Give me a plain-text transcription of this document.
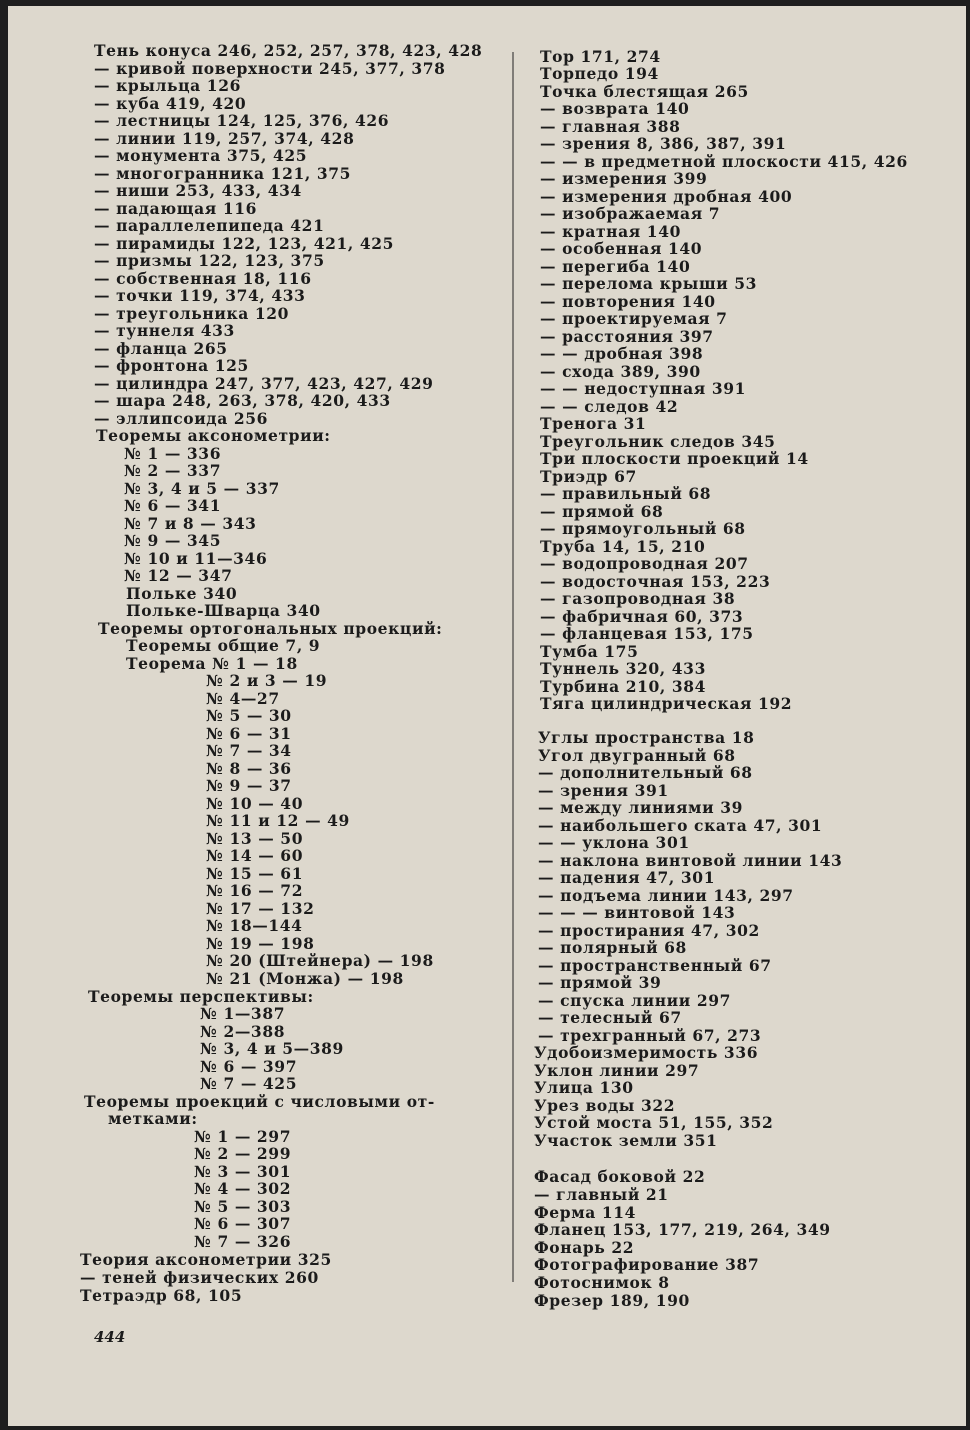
Тень конуса 246, 252, 257, 378, 423, 428
— кривой поверхности 245, 377, 378
— крыльца 126
— куба 419, 420
— лестницы 124, 125, 376, 426
— линии 119, 257, 374, 428
— монумента 375, 425
— многогранника 121, 375
— ниши 253, 433, 434
— падающая 116
— параллелепипеда 421
— пирамиды 122, 123, 421, 425
— призмы 122, 123, 375
— собственная 18, 116
— точки 119, 374, 433
— треугольника 120
— туннеля 433
— фланца 265
— фронтона 125
— цилиндра 247, 377, 423, 427, 429
— шара 248, 263, 378, 420, 433
— эллипсоида 256
Теоремы аксонометрии:
№ 1 — 336
№ 2 — 337
№ 3, 4 и 5 — 337
№ 6 — 341
№ 7 и 8 — 343
№ 9 — 345
№ 10 и 11—346
№ 12 — 347
Польке 340
Польке-Шварца 340
Теоремы ортогональных проекций:
Теоремы общие 7, 9
Теорема № 1 — 18
№ 2 и 3 — 19
№ 4—27
№ 5 — 30
№ 6 — 31
№ 7 — 34
№ 8 — 36
№ 9 — 37
№ 10 — 40
№ 11 и 12 — 49
№ 13 — 50
№ 14 — 60
№ 15 — 61
№ 16 — 72
№ 17 — 132
№ 18—144
№ 19 — 198
№ 20 (Штейнера) — 198
№ 21 (Монжа) — 198
Теоремы перспективы:
№ 1—387
№ 2—388
№ 3, 4 и 5—389
№ 6 — 397
№ 7 — 425
Теоремы проекций с числовыми от-
метками:
№ 1 — 297
№ 2 — 299
№ 3 — 301
№ 4 — 302
№ 5 — 303
№ 6 — 307
№ 7 — 326
Теория аксонометрии 325
— теней физических 260
Тетраэдр 68, 105
Тор 171, 274
Торпедо 194
Точка блестящая 265
— возврата 140
— главная 388
— зрения 8, 386, 387, 391
— — в предметной плоскости 415, 426
— измерения 399
— измерения дробная 400
— изображаемая 7
— кратная 140
— особенная 140
— перегиба 140
— перелома крыши 53
— повторения 140
— проектируемая 7
— расстояния 397
— — дробная 398
— схода 389, 390
— — недоступная 391
— — следов 42
Тренога 31
Треугольник следов 345
Три плоскости проекций 14
Триэдр 67
— правильный 68
— прямой 68
— прямоугольный 68
Труба 14, 15, 210
— водопроводная 207
— водосточная 153, 223
— газопроводная 38
— фабричная 60, 373
— фланцевая 153, 175
Тумба 175
Туннель 320, 433
Турбина 210, 384
Тяга цилиндрическая 192
Углы пространства 18
Угол двугранный 68
— дополнительный 68
— зрения 391
— между линиями 39
— наибольшего ската 47, 301
— — уклона 301
— наклона винтовой линии 143
— падения 47, 301
— подъема линии 143, 297
— — — винтовой 143
— простирания 47, 302
— полярный 68
— пространственный 67
— прямой 39
— спуска линии 297
— телесный 67
— трехгранный 67, 273
Удобоизмеримость 336
Уклон линии 297
Улица 130
Урез воды 322
Устой моста 51, 155, 352
Участок земли 351
Фасад боковой 22
— главный 21
Ферма 114
Фланец 153, 177, 219, 264, 349
Фонарь 22
Фотографирование 387
Фотоснимок 8
Фрезер 189, 190
444
